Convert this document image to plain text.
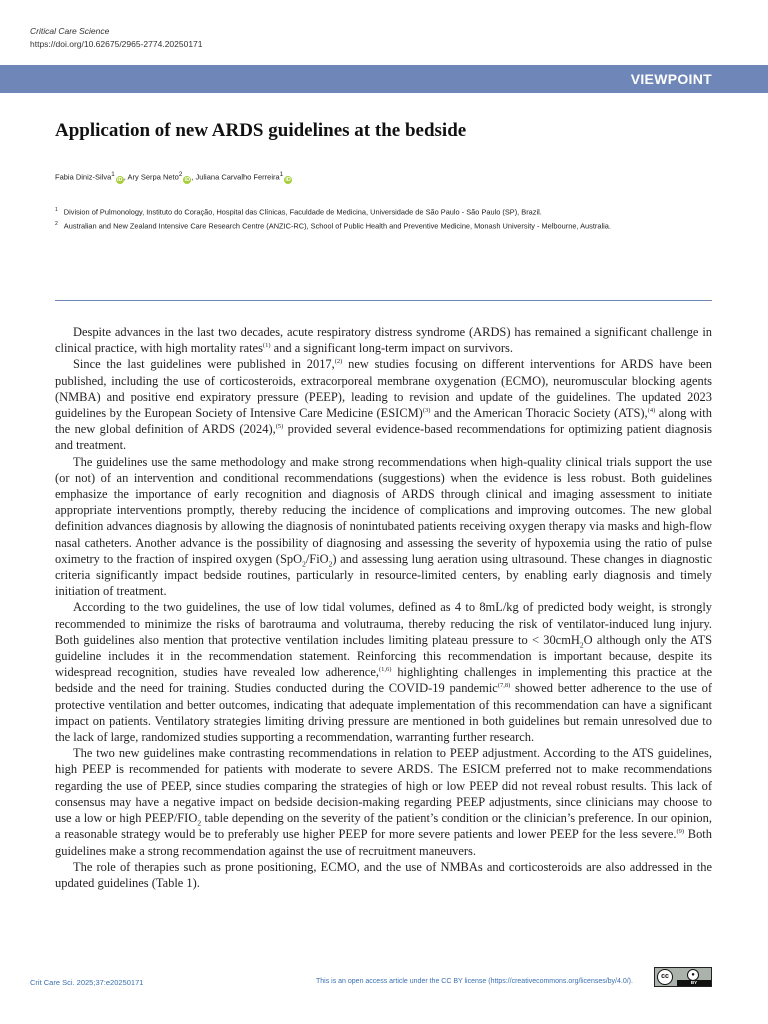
Critical Care Science
https://doi.org/10.62675/2965-2774.20250171
VIEWPOINT
Application of new ARDS guidelines at the bedside
Fabia Diniz-Silva$^1$iD, Ary Serpa Neto$^2$iD, Juliana Carvalho Ferreira$^1$iD
$^1$ Division of Pulmonology, Instituto do Coração, Hospital das Clínicas, Faculdade de Medicina, Universidade de São Paulo - São Paulo (SP), Brazil.
$^2$ Australian and New Zealand Intensive Care Research Centre (ANZIC-RC), School of Public Health and Preventive Medicine, Monash University - Melbourne, Australia.

Despite advances in the last two decades, acute respiratory distress syndrome (ARDS) has remained a significant challenge in clinical practice, with high mortality rates$^{(1)}$ and a significant long-term impact on survivors.

Since the last guidelines were published in 2017,$^{(2)}$ new studies focusing on different interventions for ARDS have been published, including the use of corticosteroids, extracorporeal membrane oxygenation (ECMO), neuromuscular blocking agents (NMBA) and positive end expiratory pressure (PEEP), leading to revision and update of the guidelines. The updated 2023 guidelines by the European Society of Intensive Care Medicine (ESICM)$^{(3)}$ and the American Thoracic Society (ATS),$^{(4)}$ along with the new global definition of ARDS (2024),$^{(5)}$ provided several evidence-based recommendations for optimizing patient diagnosis and treatment.

The guidelines use the same methodology and make strong recommendations when high-quality clinical trials support the use (or not) of an intervention and conditional recommendations (suggestions) when the evidence is less robust. Both guidelines emphasize the importance of early recognition and diagnosis of ARDS through clinical and imaging assessment to initiate appropriate interventions promptly, thereby reducing the incidence of complications and improving outcomes. The new global definition advances diagnosis by allowing the diagnosis of nonintubated patients receiving oxygen therapy via masks and high-flow nasal catheters. Another advance is the possibility of diagnosing and assessing the severity of hypoxemia using the ratio of pulse oximetry to the fraction of inspired oxygen (SpO$_2$/FiO$_2$) and assessing lung aeration using ultrasound. These changes in diagnostic criteria significantly impact bedside routines, particularly in resource-limited centers, by enabling early diagnosis and timely initiation of treatment.

According to the two guidelines, the use of low tidal volumes, defined as 4 to 8mL/kg of predicted body weight, is strongly recommended to minimize the risks of barotrauma and volutrauma, thereby reducing the risk of ventilator-induced lung injury. Both guidelines also mention that protective ventilation includes limiting plateau pressure to < 30cmH$_2$O although only the ATS guideline includes it in the recommendation statement. Reinforcing this recommendation is important because, despite its widespread recognition, studies have revealed low adherence,$^{(1,6)}$ highlighting challenges in implementing this practice at the bedside and the need for training. Studies conducted during the COVID-19 pandemic$^{(7,8)}$ showed better adherence to the use of protective ventilation and better outcomes, indicating that adequate implementation of this recommendation can have a significant impact on patients. Ventilatory strategies limiting driving pressure are mentioned in both guidelines but remain unresolved due to the lack of large, randomized studies supporting a recommendation, warranting further research.

The two new guidelines make contrasting recommendations in relation to PEEP adjustment. According to the ATS guidelines, high PEEP is recommended for patients with moderate to severe ARDS. The ESICM preferred not to make recommendations regarding the use of PEEP, since studies comparing the strategies of high or low PEEP did not reveal robust results. This lack of consensus may have a negative impact on bedside decision-making regarding PEEP adjustments, since clinicians may choose to use a low or high PEEP/$FIO_2$ table depending on the severity of the patient’s condition or the clinician’s preference. In our opinion, a reasonable strategy would be to preferably use higher PEEP for more severe patients and lower PEEP for the less severe.$^{(9)}$ Both guidelines make a strong recommendation against the use of recruitment maneuvers.

The role of therapies such as prone positioning, ECMO, and the use of NMBAs and corticosteroids are also addressed in the updated guidelines (Table 1).

Crit Care Sci. 2025;37:e20250171	This is an open access article under the CC BY license (https://creativecommons.org/licenses/by/4.0/).
cc	●
BY
